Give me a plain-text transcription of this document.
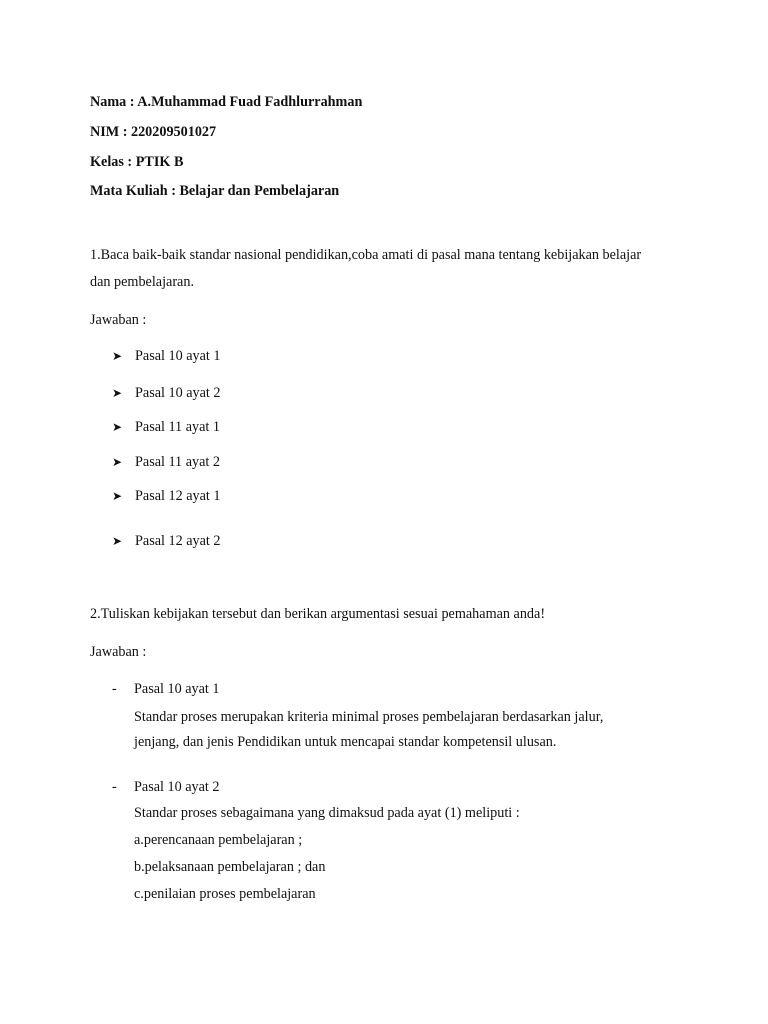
Nama : A.Muhammad Fuad Fadhlurrahman
NIM : 220209501027
Kelas : PTIK B
Mata Kuliah : Belajar dan Pembelajaran
1.Baca baik-baik standar nasional pendidikan,coba amati di pasal mana tentang kebijakan belajar
dan pembelajaran.
Jawaban :
➤ Pasal 10 ayat 1
➤ Pasal 10 ayat 2
➤ Pasal 11 ayat 1
➤ Pasal 11 ayat 2
➤ Pasal 12 ayat 1
➤ Pasal 12 ayat 2
2.Tuliskan kebijakan tersebut dan berikan argumentasi sesuai pemahaman anda!
Jawaban :
- Pasal 10 ayat 1
Standar proses merupakan kriteria minimal proses pembelajaran berdasarkan jalur,
jenjang, dan jenis Pendidikan untuk mencapai standar kompetensil ulusan.
- Pasal 10 ayat 2
Standar proses sebagaimana yang dimaksud pada ayat (1) meliputi :
a.perencanaan pembelajaran ;
b.pelaksanaan pembelajaran ; dan
c.penilaian proses pembelajaran
